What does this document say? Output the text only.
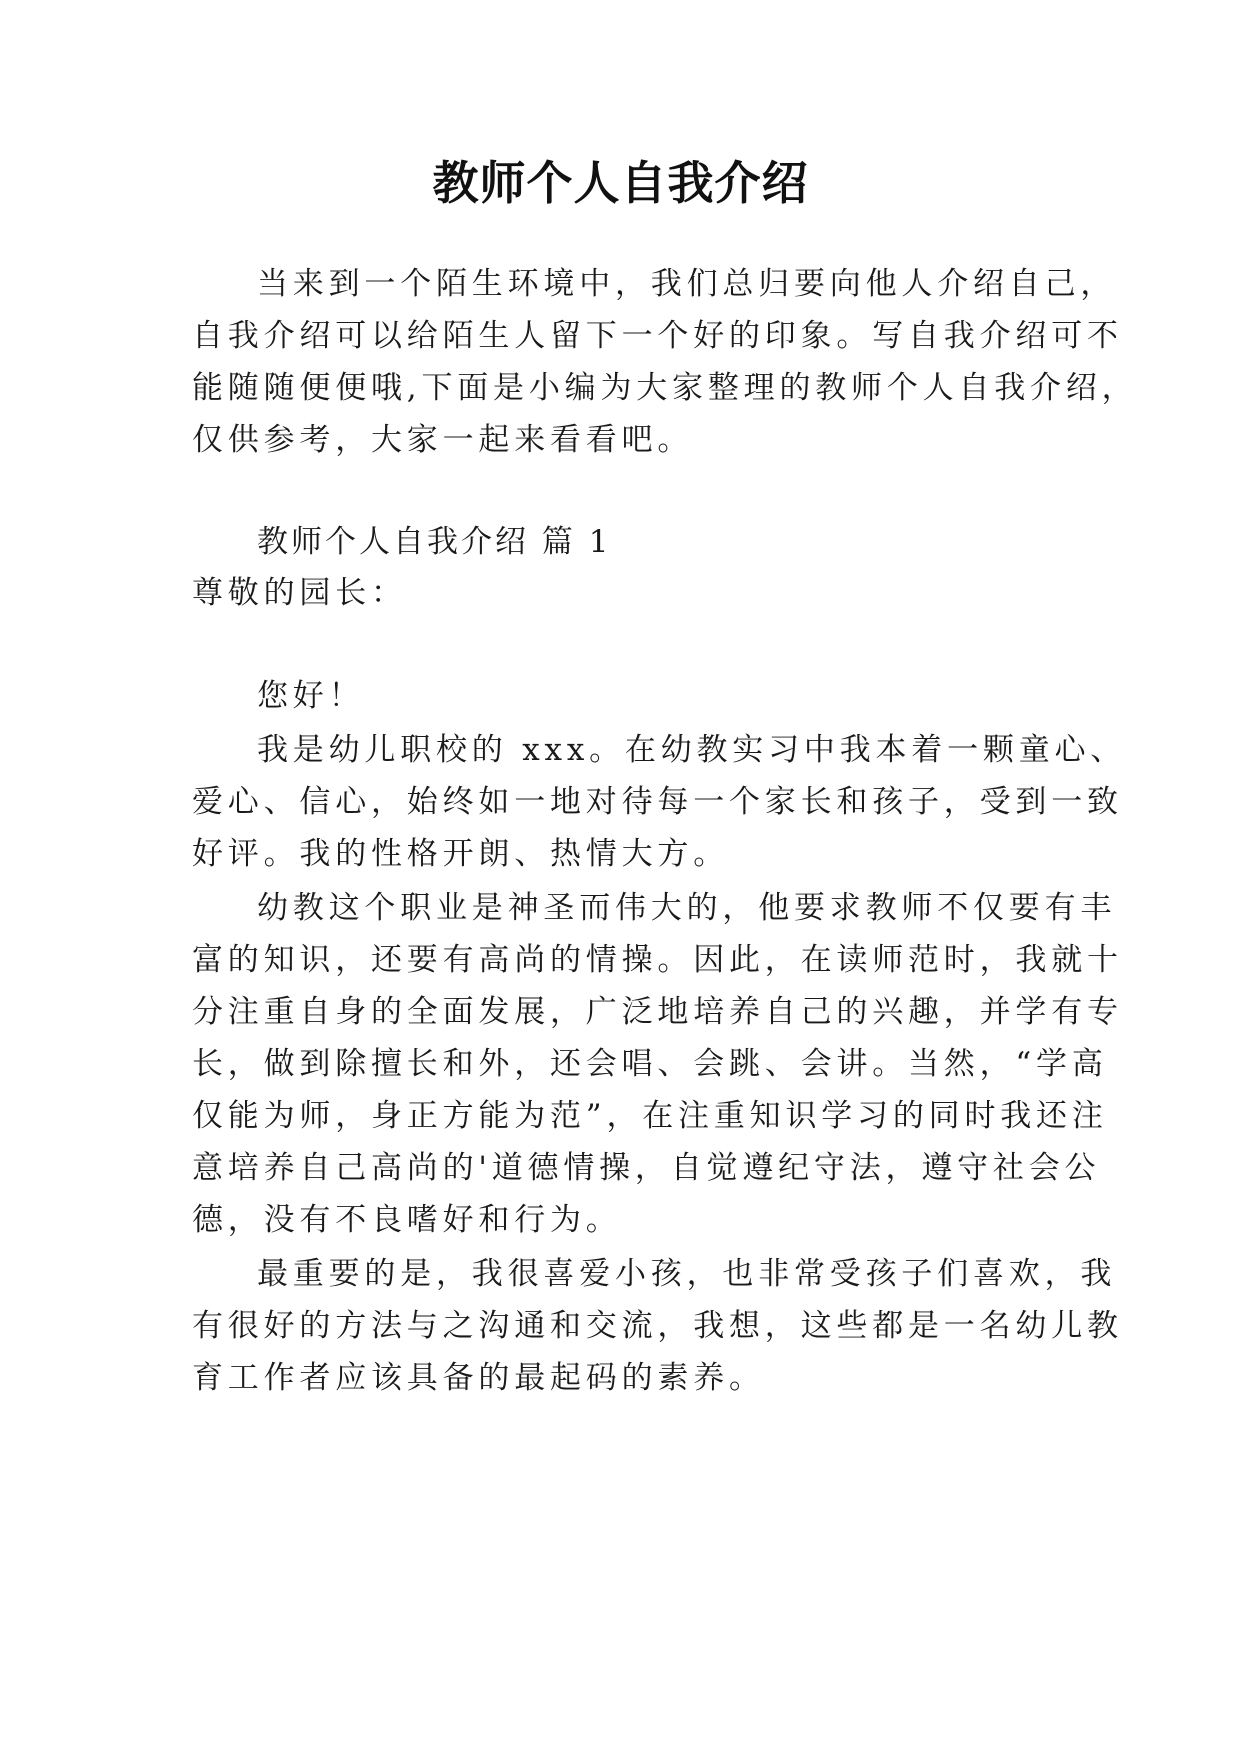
教师个人自我介绍

当来到一个陌生环境中，我们总归要向他人介绍自己，

自我介绍可以给陌生人留下一个好的印象。写自我介绍可不

能随随便便哦,下面是小编为大家整理的教师个人自我介绍，

仅供参考，大家一起来看看吧。

教师个人自我介绍 篇 1

尊敬的园长：

您好！

我是幼儿职校的 xxx。在幼教实习中我本着一颗童心、

爱心、信心，始终如一地对待每一个家长和孩子，受到一致

好评。我的性格开朗、热情大方。

幼教这个职业是神圣而伟大的，他要求教师不仅要有丰

富的知识，还要有高尚的情操。因此，在读师范时，我就十

分注重自身的全面发展，广泛地培养自己的兴趣，并学有专

长，做到除擅长和外，还会唱、会跳、会讲。当然，“学高

仅能为师，身正方能为范”，在注重知识学习的同时我还注

意培养自己高尚的'道德情操，自觉遵纪守法，遵守社会公

德，没有不良嗜好和行为。

最重要的是，我很喜爱小孩，也非常受孩子们喜欢，我

有很好的方法与之沟通和交流，我想，这些都是一名幼儿教

育工作者应该具备的最起码的素养。
